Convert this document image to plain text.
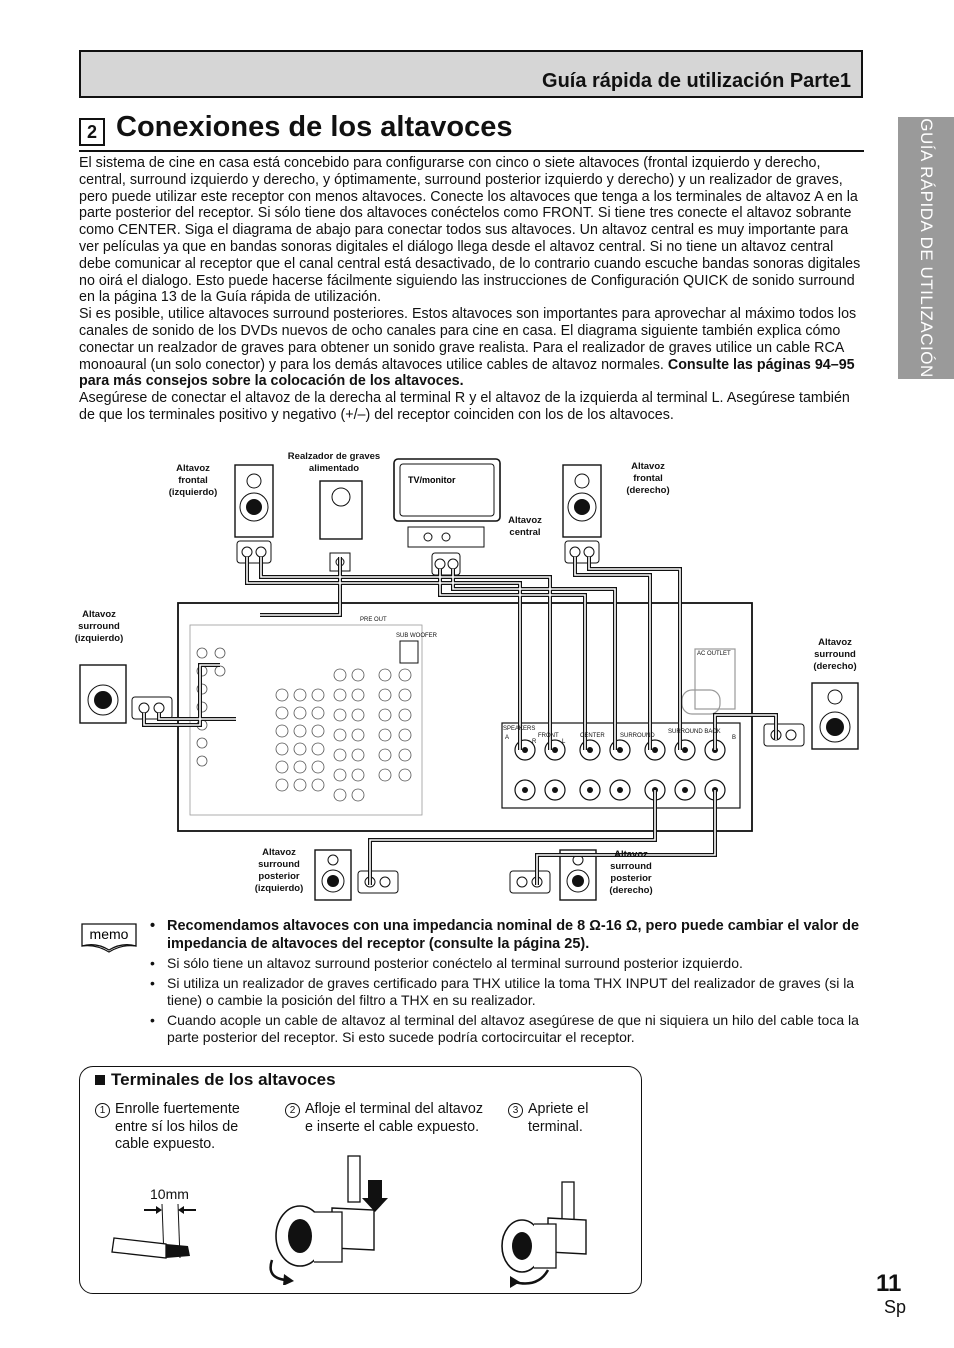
Guía rápida de utilización Parte1
GUÍA RÁPIDA DE UTILIZACIÓN
2 Conexiones de los altavoces

El sistema de cine en casa está concebido para configurarse con cinco o siete altavoces (frontal izquierdo y derecho, central, surround izquierdo y derecho, y óptimamente, surround posterior izquierdo y derecho) y un realizador de graves, pero puede utilizar este receptor con menos altavoces. Conecte los altavoces que tenga a los terminales de altavoz A en la parte posterior del receptor. Si sólo tiene dos altavoces conéctelos como FRONT. Si tiene tres conecte el altavoz sobrante como CENTER. Siga el diagrama de abajo para conectar todos sus altavoces. Un altavoz central es muy importante para ver películas ya que en bandas sonoras digitales el diálogo llega desde el altavoz central. Si no tiene un altavoz central debe comunicar al receptor que el canal central está desactivado, de lo contrario cuando escuche bandas sonoras digitales no oirá el dialogo. Esto puede hacerse fácilmente siguiendo las instrucciones de Configuración QUICK de sonido surround en la página 13 de la Guía rápida de utilización.

Si es posible, utilice altavoces surround posteriores. Estos altavoces son importantes para aprovechar al máximo todos los canales de sonido de los DVDs nuevos de ocho canales para cine en casa. El diagrama siguiente también explica cómo conectar un realzador de graves para obtener un sonido grave realista. Para el realizador de graves utilice un cable RCA monoaural (un solo conector) y para los demás altavoces utilice cables de altavoz normales. Consulte las páginas 94–95 para más consejos sobre la colocación de los altavoces.

Asegúrese de conectar el altavoz de la derecha al terminal R y el altavoz de la izquierda al terminal L. Asegúrese también de que los terminales positivo y negativo (+/–) del receptor coinciden con los de los altavoces.

SPEAKERS
A	B
FRONT	CENTER	SURROUND
SURROUND BACK
R	L
AC OUTLET
SUB WOOFER
PRE OUT
TV/monitor
Altavoz frontal (izquierdo)
Realzador de graves alimentado
Altavoz central
Altavoz frontal (derecho)
Altavoz surround (izquierdo)	Altavoz surround (derecho)
Altavoz surround posterior (izquierdo)
Altavoz surround posterior (derecho)
memo
•	Recomendamos altavoces con una impedancia nominal de 8 Ω-16 Ω, pero puede cambiar el valor de impedancia de altavoces del receptor (consulte la página 25).
• Si sólo tiene un altavoz surround posterior conéctelo al terminal surround posterior izquierdo.
• Si utiliza un realizador de graves certificado para THX utilice la toma THX INPUT del realizador de graves (si la tiene) o cambie la posición del filtro a THX en su realizador.
• Cuando acople un cable de altavoz al terminal del altavoz asegúrese de que ni siquiera un hilo del cable toca la parte posterior del receptor. Si esto sucede podría cortocircuitar el receptor.
Terminales de los altavoces
1 Enrolle fuertemente entre sí los hilos de cable expuesto.
2 Afloje el terminal del altavoz e inserte el cable expuesto.
3 Apriete el terminal.
10mm
11
Sp
